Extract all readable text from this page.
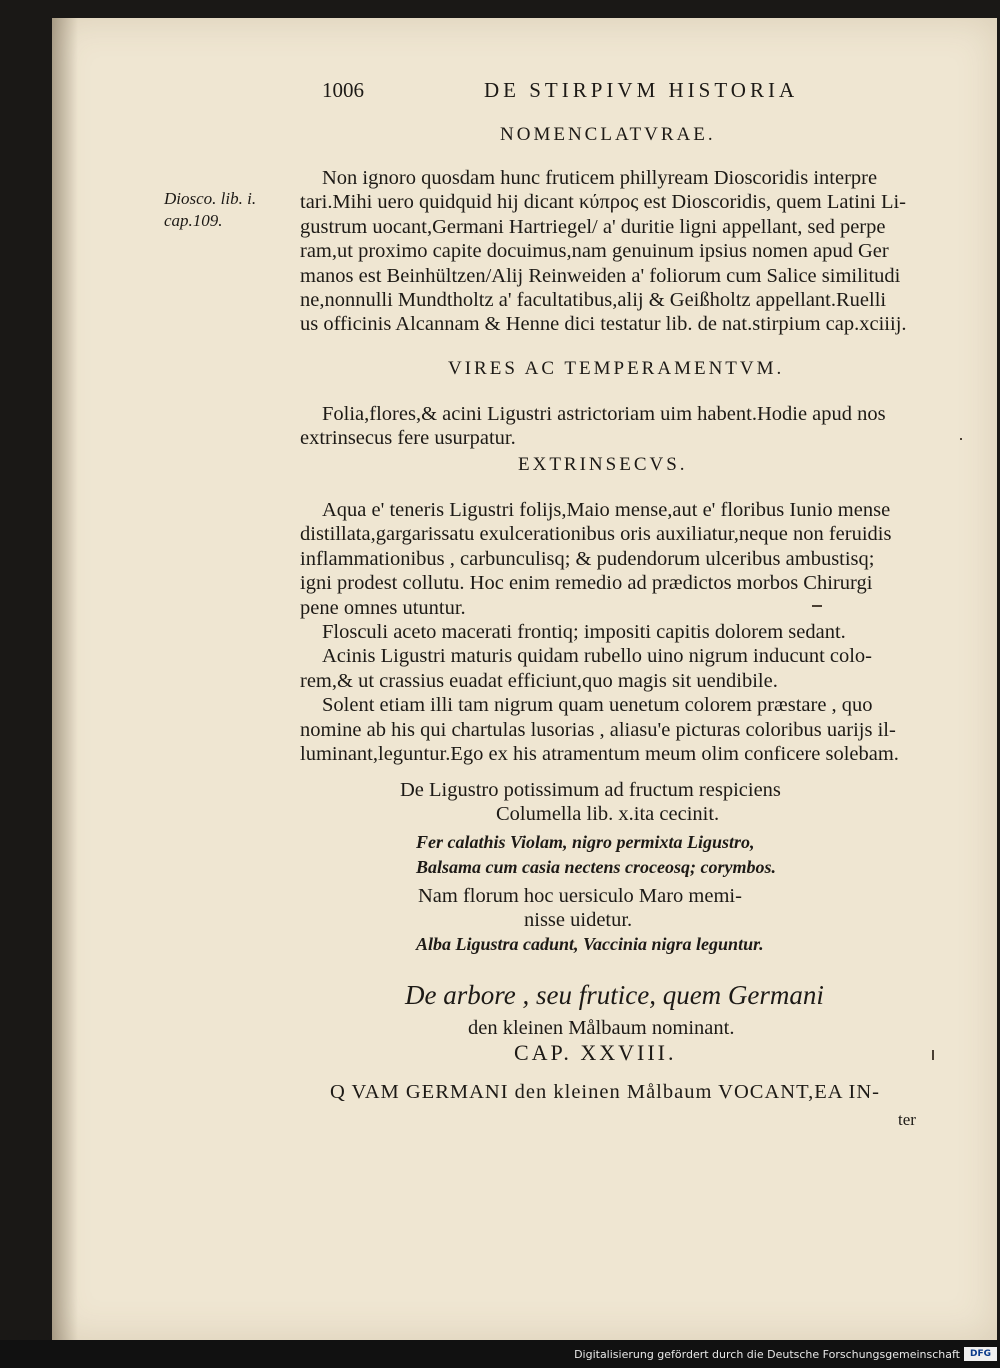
1006	DE STIRPIVM HISTORIA
NOMENCLATVRAE.
Diosco. lib. i.
cap.109.
Non ignoro quosdam hunc fruticem phillyream Dioscoridis interpre
tari.Mihi uero quidquid hij dicant κύπρος est Dioscoridis, quem Latini Li-
gustrum uocant,Germani Hartriegel/ a' duritie ligni appellant, sed perpe
ram,ut proximo capite docuimus,nam genuinum ipsius nomen apud Ger
manos est Beinhültzen/Alij Reinweiden a' foliorum cum Salice similitudi
ne,nonnulli Mundtholtz a' facultatibus,alij & Geißholtz appellant.Ruelli
us officinis Alcannam & Henne dici testatur lib. de nat.stirpium cap.xciiij.
VIRES AC TEMPERAMENTVM.
Folia,flores,& acini Ligustri astrictoriam uim habent.Hodie apud nos
extrinsecus fere usurpatur.
EXTRINSECVS.
Aqua e' teneris Ligustri folijs,Maio mense,aut e' floribus Iunio mense
distillata,gargarissatu exulcerationibus oris auxiliatur,neque non feruidis
inflammationibus , carbunculisq; & pudendorum ulceribus ambustisq;
igni prodest collutu. Hoc enim remedio ad prædictos morbos Chirurgi
pene omnes utuntur.
Flosculi aceto macerati frontiq; impositi capitis dolorem sedant.
Acinis Ligustri maturis quidam rubello uino nigrum inducunt colo-
rem,& ut crassius euadat efficiunt,quo magis sit uendibile.
Solent etiam illi tam nigrum quam uenetum colorem præstare , quo
nomine ab his qui chartulas lusorias , aliasu'e picturas coloribus uarijs il-
luminant,leguntur.Ego ex his atramentum meum olim conficere solebam.
De Ligustro potissimum ad fructum respiciens
Columella lib. x.ita cecinit.
Fer calathis Violam, nigro permixta Ligustro,
Balsama cum casia nectens croceosq; corymbos.
Nam florum hoc uersiculo Maro memi-
nisse uidetur.
Alba Ligustra cadunt, Vaccinia nigra leguntur.
De arbore , seu frutice, quem Germani
den kleinen Målbaum nominant.
CAP. XXVIII.
Q VAM GERMANI den kleinen Målbaum VOCANT,EA IN-
ter
Digitalisierung gefördert durch die Deutsche Forschungsgemeinschaft	DFG
